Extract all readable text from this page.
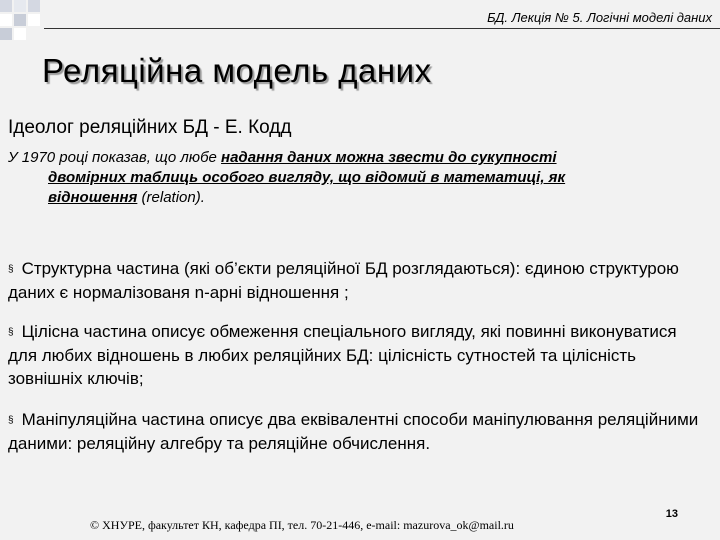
БД. Лекція № 5. Логічні моделі даних
Реляційна модель даних
Ідеолог реляційних БД - Е. Кодд
У 1970 році показав, що любе надання даних можна звести до сукупності
двомірних таблиць особого вигляду, що відомий в математиці, як
відношення (relation).
§ Структурна частина (які об’єкти реляційної БД розглядаються): єдиною структурою даних є нормалізованя n-арні відношення ;
§ Цілісна частина описує обмеження спеціального вигляду, які повинні виконуватися для любих відношень в любих реляційних БД: цілісність сутностей та цілісність зовнішніх ключів;
§ Маніпуляційна частина описує два еквівалентні способи маніпулювання реляційними даними: реляційну алгебру та реляційне обчислення.
© ХНУРЕ, факультет КН, кафедра ПІ, тел. 70-21-446, e-mail: mazurova_ok@mail.ru
13
